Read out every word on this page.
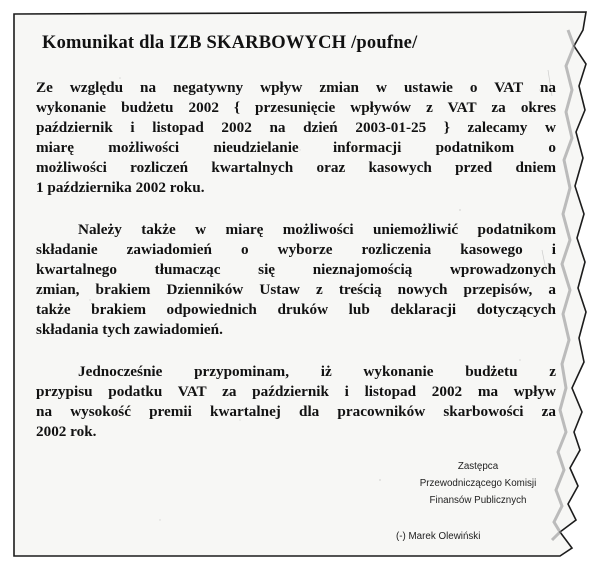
Komunikat dla IZB SKARBOWYCH /poufne/
Ze względu na negatywny wpływ zmian w ustawie o VAT na
wykonanie budżetu 2002 { przesunięcie wpływów z VAT za okres
październik i listopad 2002 na dzień 2003-01-25 } zalecamy w
miarę możliwości nieudzielanie informacji podatnikom o
możliwości rozliczeń kwartalnych oraz kasowych przed dniem
1 października 2002 roku.
Należy także w miarę możliwości uniemożliwić podatnikom
składanie zawiadomień o wyborze rozliczenia kasowego i
kwartalnego tłumacząc się nieznajomością wprowadzonych
zmian, brakiem Dzienników Ustaw z treścią nowych przepisów, a
także brakiem odpowiednich druków lub deklaracji dotyczących
składania tych zawiadomień.
Jednocześnie przypominam, iż wykonanie budżetu z
przypisu podatku VAT za październik i listopad 2002 ma wpływ
na wysokość premii kwartalnej dla pracowników skarbowości za
2002 rok.
Zastępca
Przewodniczącego Komisji
Finansów Publicznych
(-) Marek Olewiński
